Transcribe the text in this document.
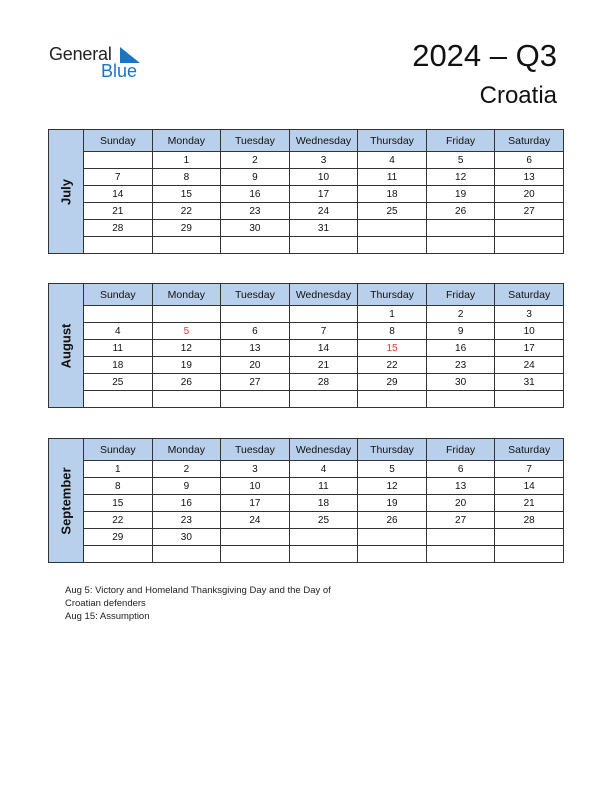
General
Blue	2024 – Q3
Croatia
July	Sunday	Monday	Tuesday	Wednesday	Thursday	Friday	Saturday
		1	2	3	4	5	6
	7	8	9	10	11	12	13
	14	15	16	17	18	19	20
	21	22	23	24	25	26	27
	28	29	30	31			

August	Sunday	Monday	Tuesday	Wednesday	Thursday	Friday	Saturday
					1	2	3
	4	5	6	7	8	9	10
	11	12	13	14	15	16	17
	18	19	20	21	22	23	24
	25	26	27	28	29	30	31

September	Sunday	Monday	Tuesday	Wednesday	Thursday	Friday	Saturday
	1	2	3	4	5	6	7
	8	9	10	11	12	13	14
	15	16	17	18	19	20	21
	22	23	24	25	26	27	28
	29	30					

Aug 5: Victory and Homeland Thanksgiving Day and the Day of Croatian defenders
Aug 15: Assumption
